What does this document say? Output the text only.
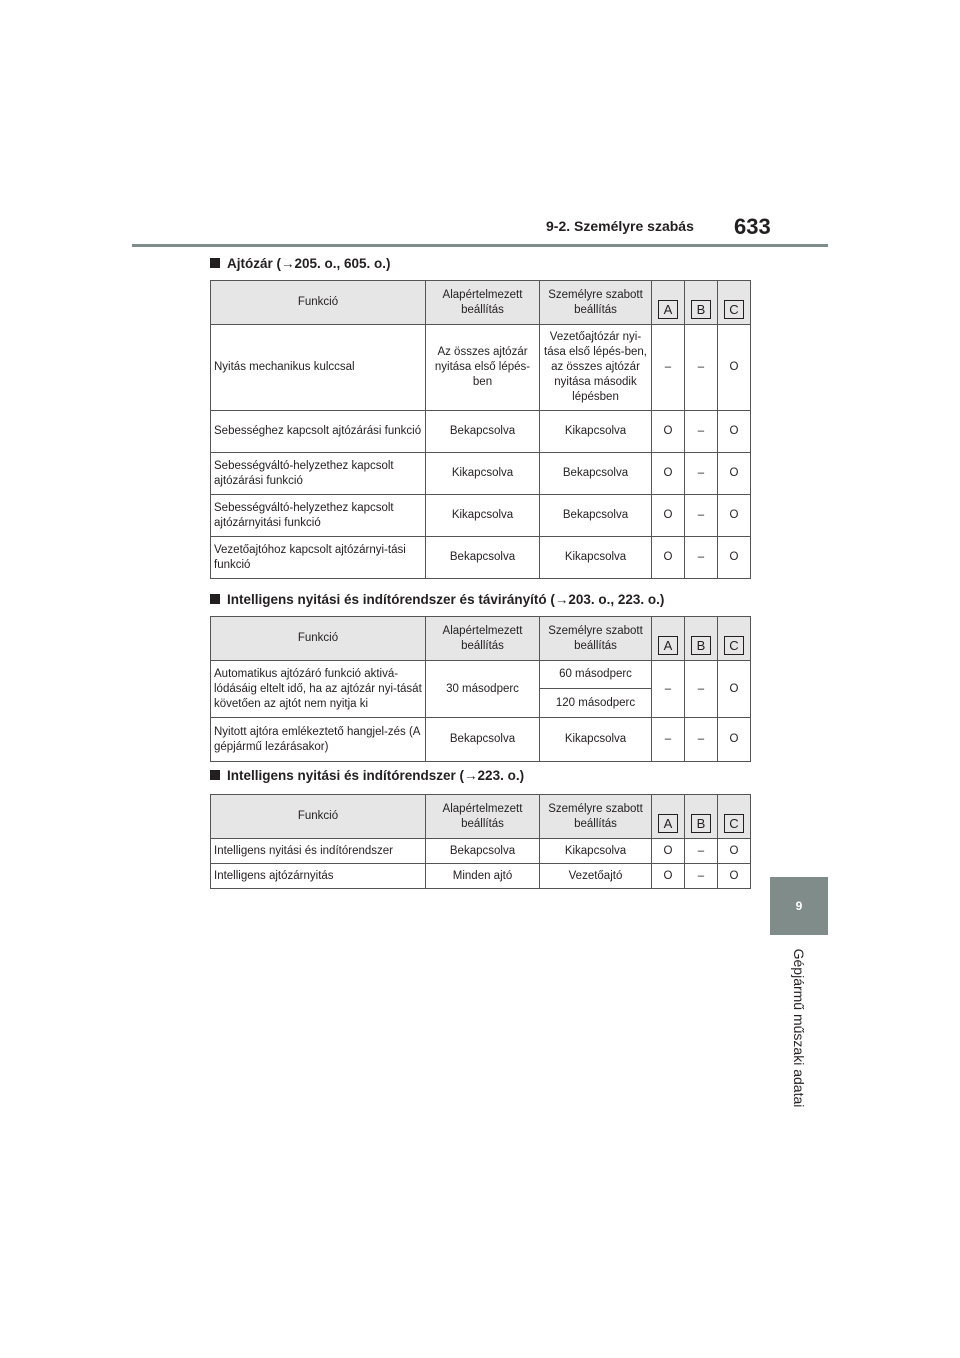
9-2. Személyre szabás 633
9
Gépjármű műszaki adatai
Ajtózár (→205. o., 605. o.)
Funkció	Alapértelmezett beállítás	Személyre szabott beállítás	A	B	C
Nyitás mechanikus kulccsal	Az összes ajtózár nyitása első lépés-ben	Vezetőajtózár nyi-tása első lépés-ben, az összes ajtózár nyitása második lépésben	–	–	O
Sebességhez kapcsolt ajtózárási funkció	Bekapcsolva	Kikapcsolva	O	–	O
Sebességváltó-helyzethez kapcsolt ajtózárási funkció	Kikapcsolva	Bekapcsolva	O	–	O
Sebességváltó-helyzethez kapcsolt ajtózárnyitási funkció	Kikapcsolva	Bekapcsolva	O	–	O
Vezetőajtóhoz kapcsolt ajtózárnyi-tási funkció	Bekapcsolva	Kikapcsolva	O	–	O
Intelligens nyitási és indítórendszer és távirányító (→203. o., 223. o.)
Funkció	Alapértelmezett beállítás	Személyre szabott beállítás	A	B	C
Automatikus ajtózáró funkció aktivá-lódásáig eltelt idő, ha az ajtózár nyi-tását követően az ajtót nem nyitja ki	30 másodperc	60 másodperc	–	–	O
		120 másodperc			
Nyitott ajtóra emlékeztető hangjel-zés (A gépjármű lezárásakor)	Bekapcsolva	Kikapcsolva	–	–	O
Intelligens nyitási és indítórendszer (→223. o.)
Funkció	Alapértelmezett beállítás	Személyre szabott beállítás	A	B	C
Intelligens nyitási és indítórendszer	Bekapcsolva	Kikapcsolva	O	–	O
Intelligens ajtózárnyitás	Minden ajtó	Vezetőajtó	O	–	O
